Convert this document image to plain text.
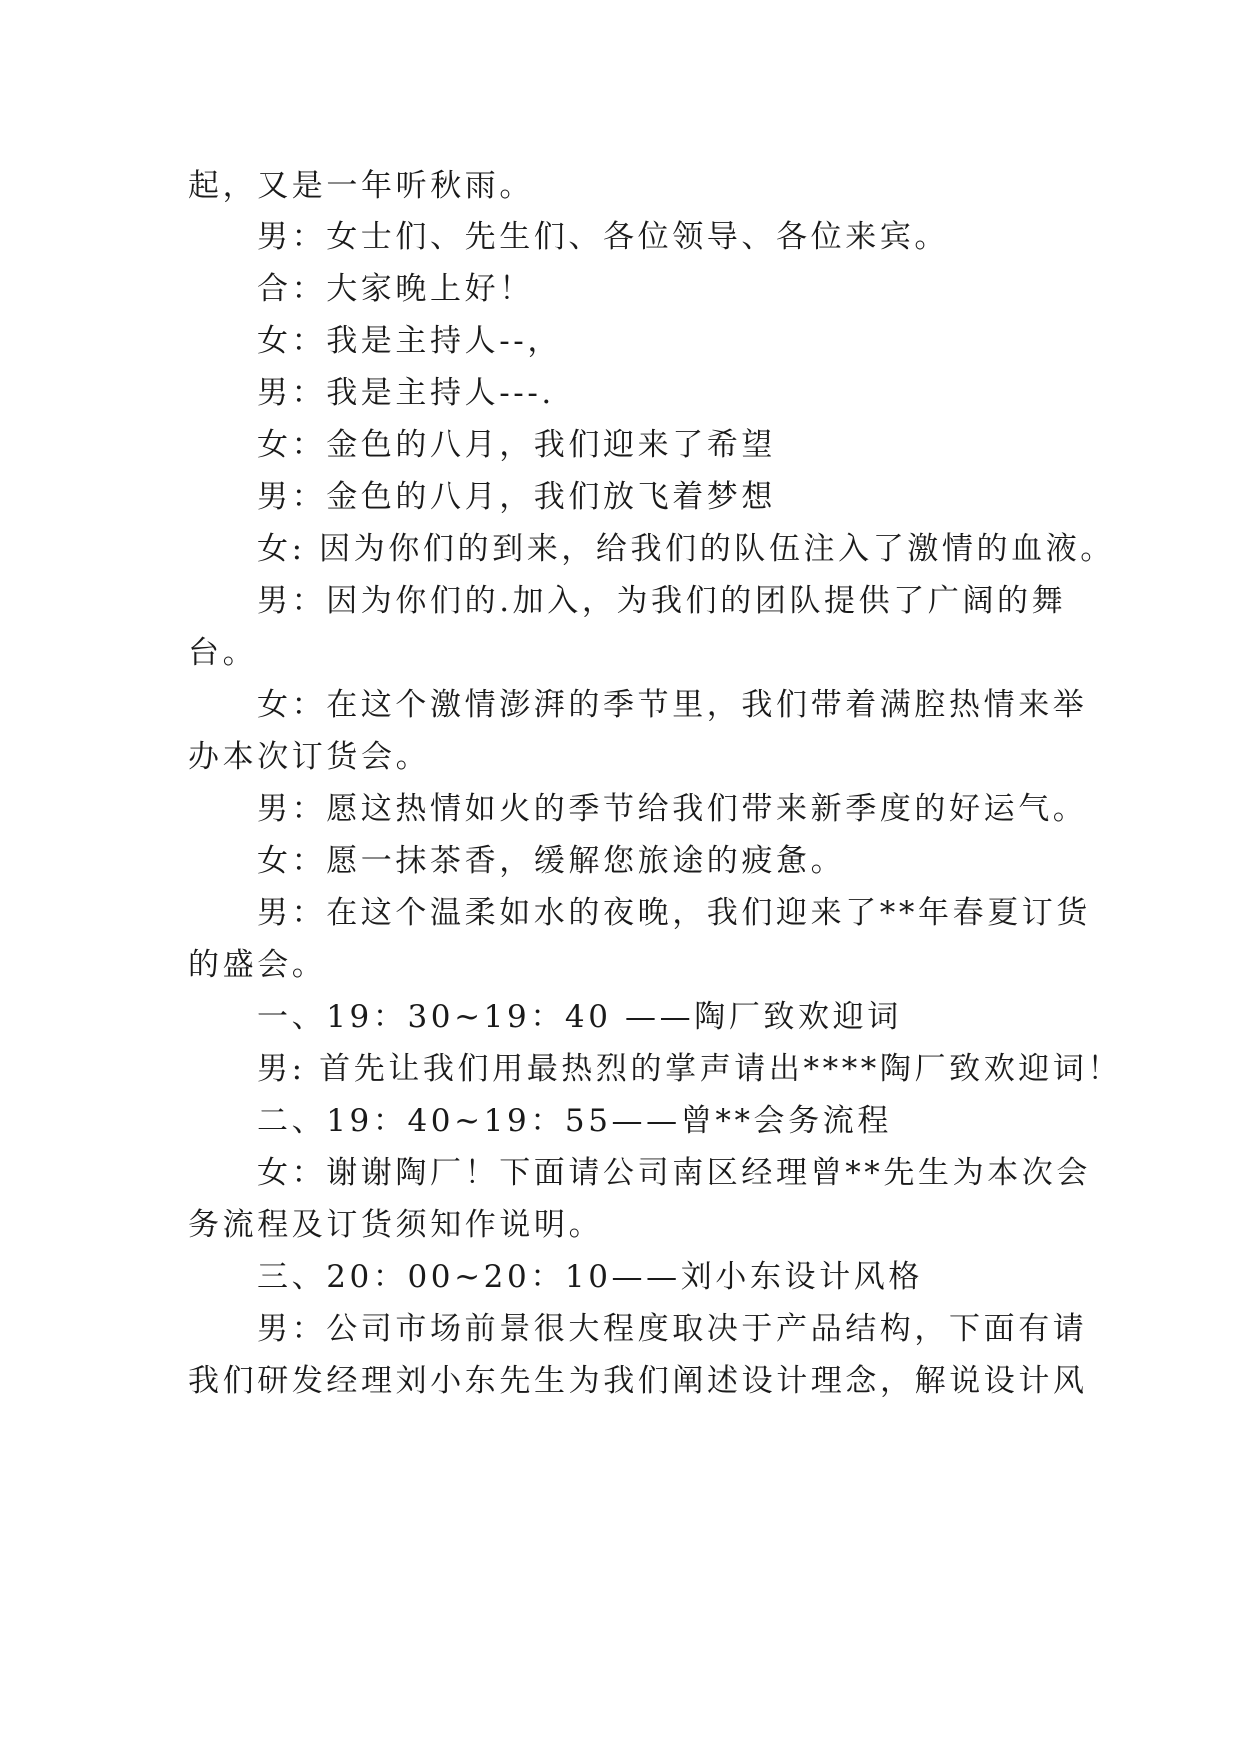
起，又是一年听秋雨。
男：女士们、先生们、各位领导、各位来宾。
合：大家晚上好！
女：我是主持人--，
男：我是主持人---.
女：金色的八月，我们迎来了希望
男：金色的八月，我们放飞着梦想
女: 因为你们的到来，给我们的队伍注入了激情的血液。
男：因为你们的.加入，为我们的团队提供了广阔的舞
台。
女：在这个激情澎湃的季节里，我们带着满腔热情来举
办本次订货会。
男：愿这热情如火的季节给我们带来新季度的好运气。
女：愿一抹茶香，缓解您旅途的疲惫。
男：在这个温柔如水的夜晚，我们迎来了**年春夏订货
的盛会。
一、19：30~19：40 ——陶厂致欢迎词
男: 首先让我们用最热烈的掌声请出****陶厂致欢迎词！
二、19：40~19：55——曾**会务流程
女：谢谢陶厂！下面请公司南区经理曾**先生为本次会
务流程及订货须知作说明。
三、20：00~20：10——刘小东设计风格
男：公司市场前景很大程度取决于产品结构，下面有请
我们研发经理刘小东先生为我们阐述设计理念，解说设计风
